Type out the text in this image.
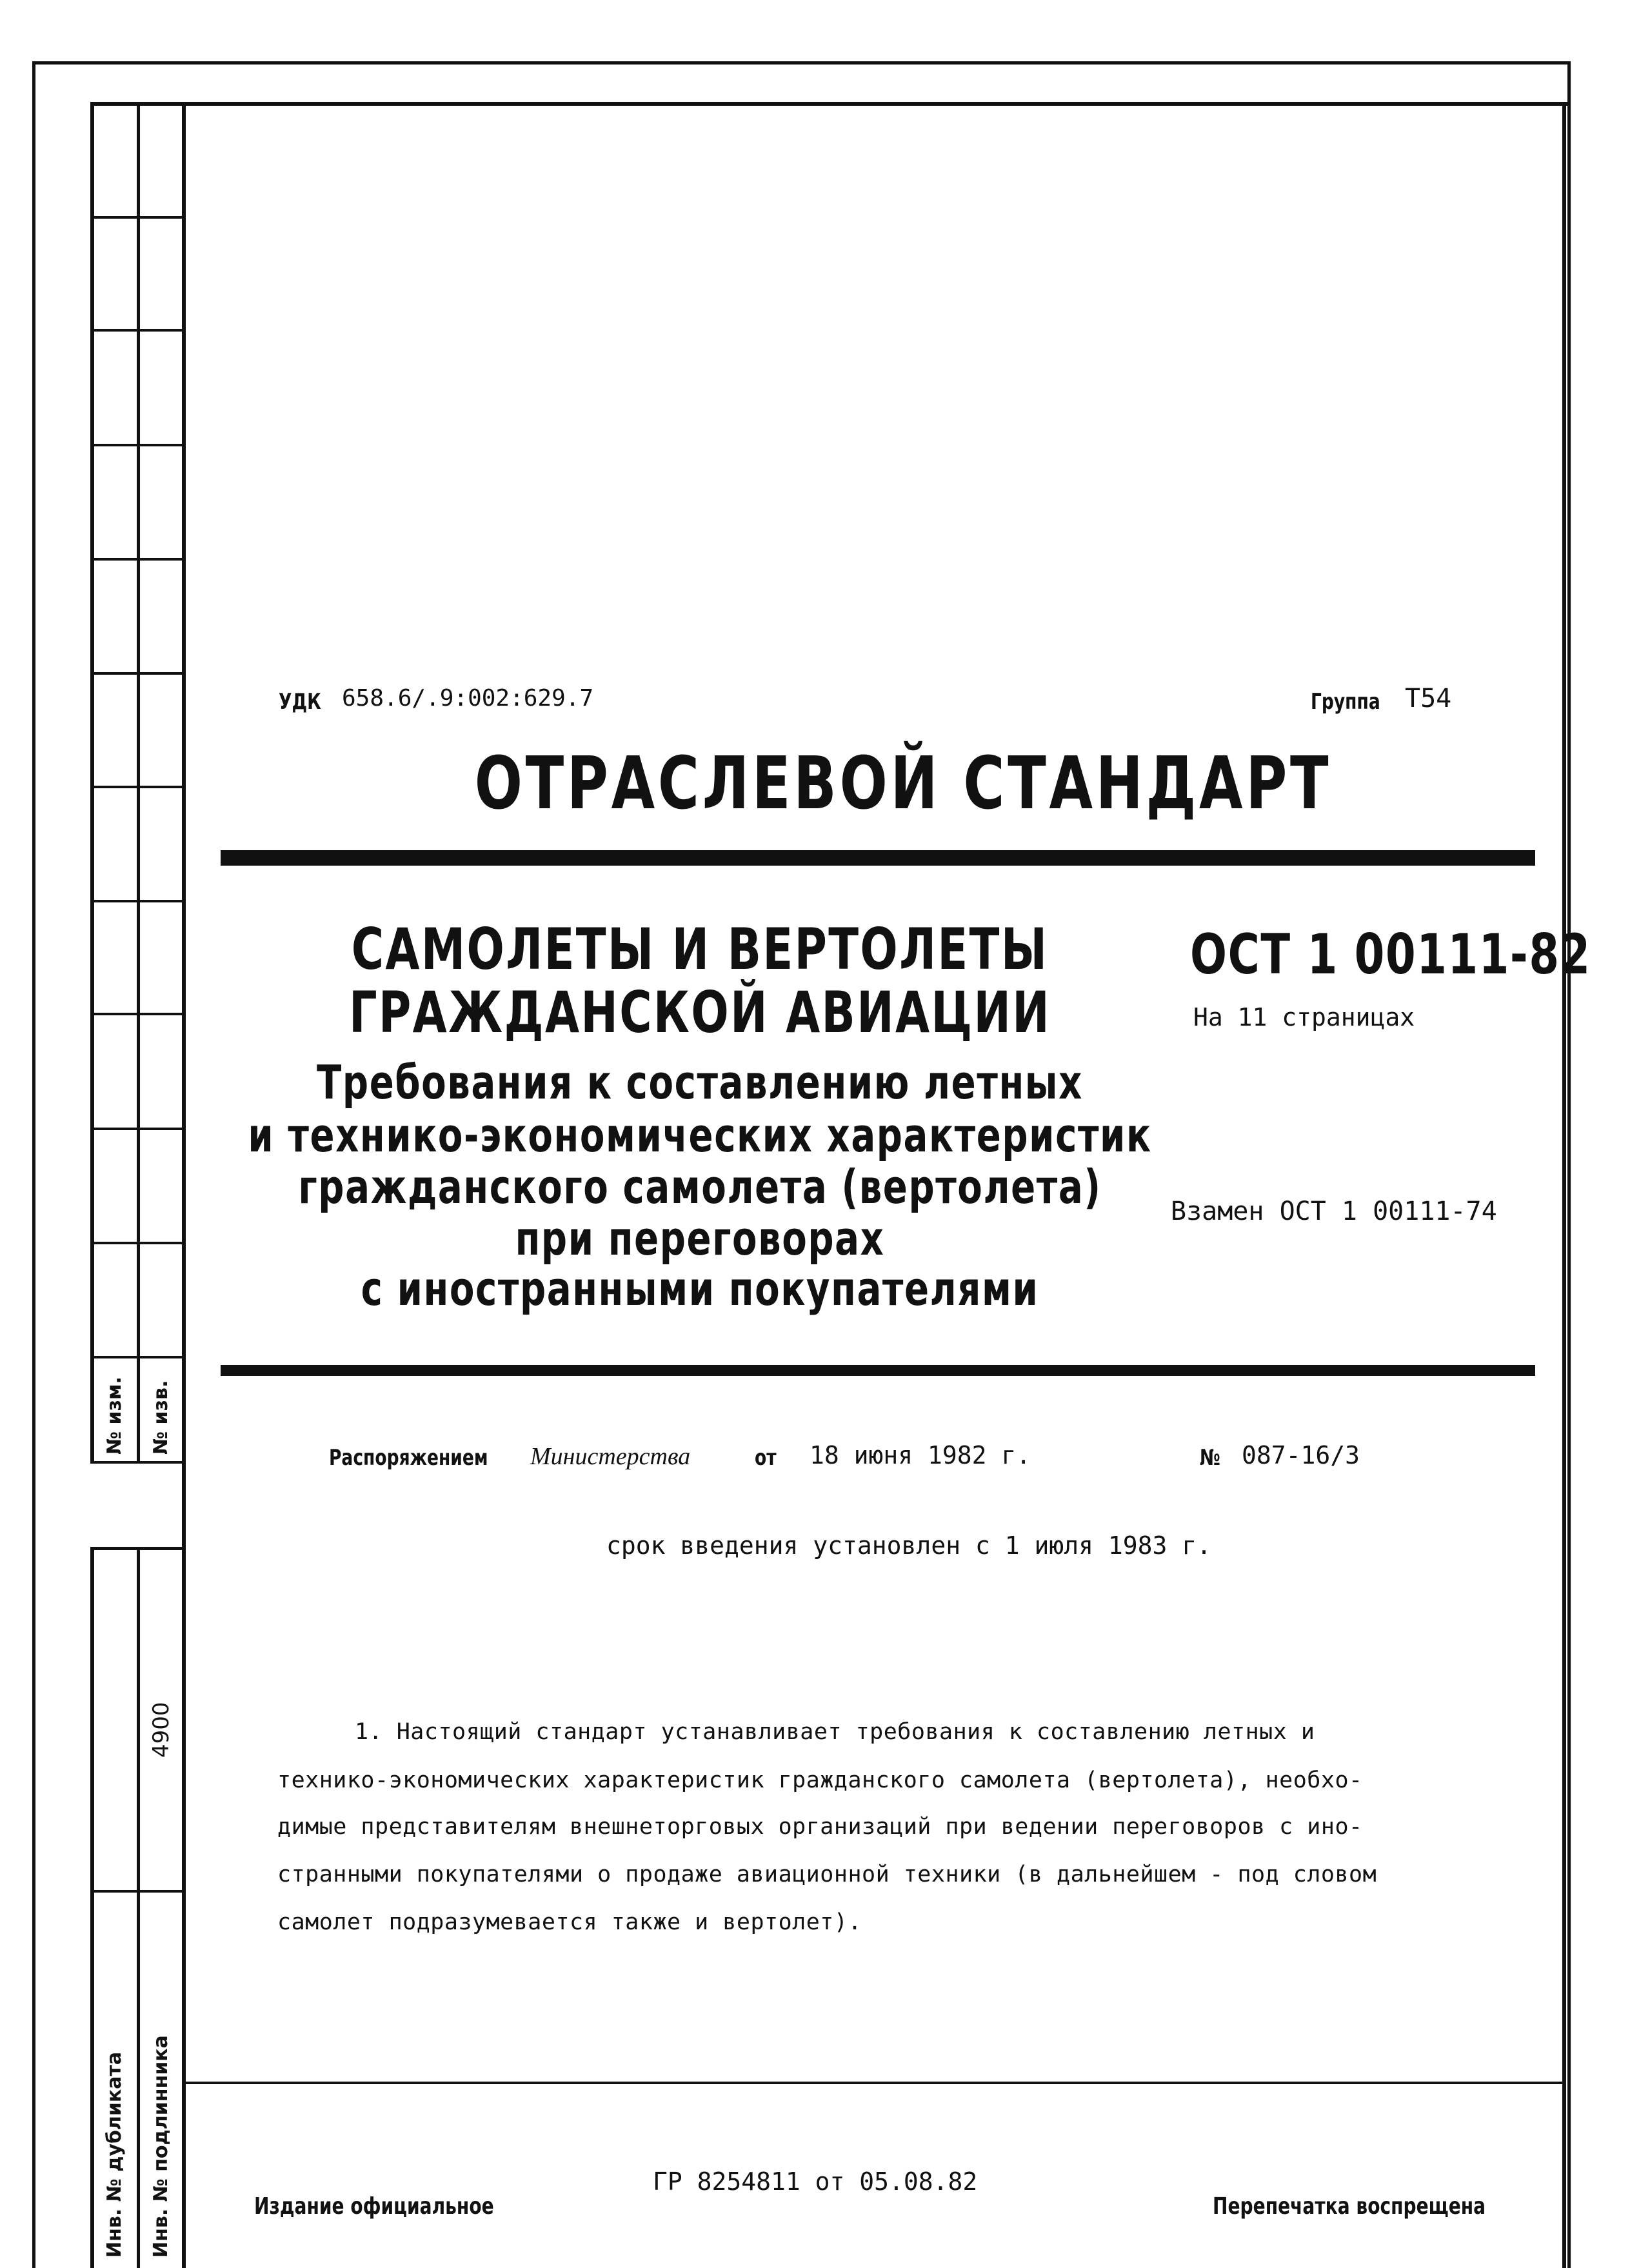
№ изм. № изв.
4900
Инв. № дубликата Инв. № подлинника
УДК 658.6/.9:002:629.7	Группа Т54
ОТРАСЛЕВОЙ СТАНДАРТ
САМОЛЕТЫ И ВЕРТОЛЕТЫ
ГРАЖДАНСКОЙ АВИАЦИИ
Требования к составлению летных
и технико-экономических характеристик
гражданского самолета (вертолета)
при переговорах
с иностранными покупателями
ОСТ 1 00111-82
На 11 страницах
Взамен ОСТ 1 00111-74
Распоряжением Министерства	от 18 июня 1982 г.	№ 087-16/3
срок введения установлен с 1 июля 1983 г.
1. Настоящий стандарт устанавливает требования к составлению летных и
технико-экономических характеристик гражданского самолета (вертолета), необхо-
димые представителям внешнеторговых организаций при ведении переговоров с ино-
странными покупателями о продаже авиационной техники (в дальнейшем - под словом
самолет подразумевается также и вертолет).
Издание официальное
ГР 8254811 от 05.08.82
Перепечатка воспрещена
